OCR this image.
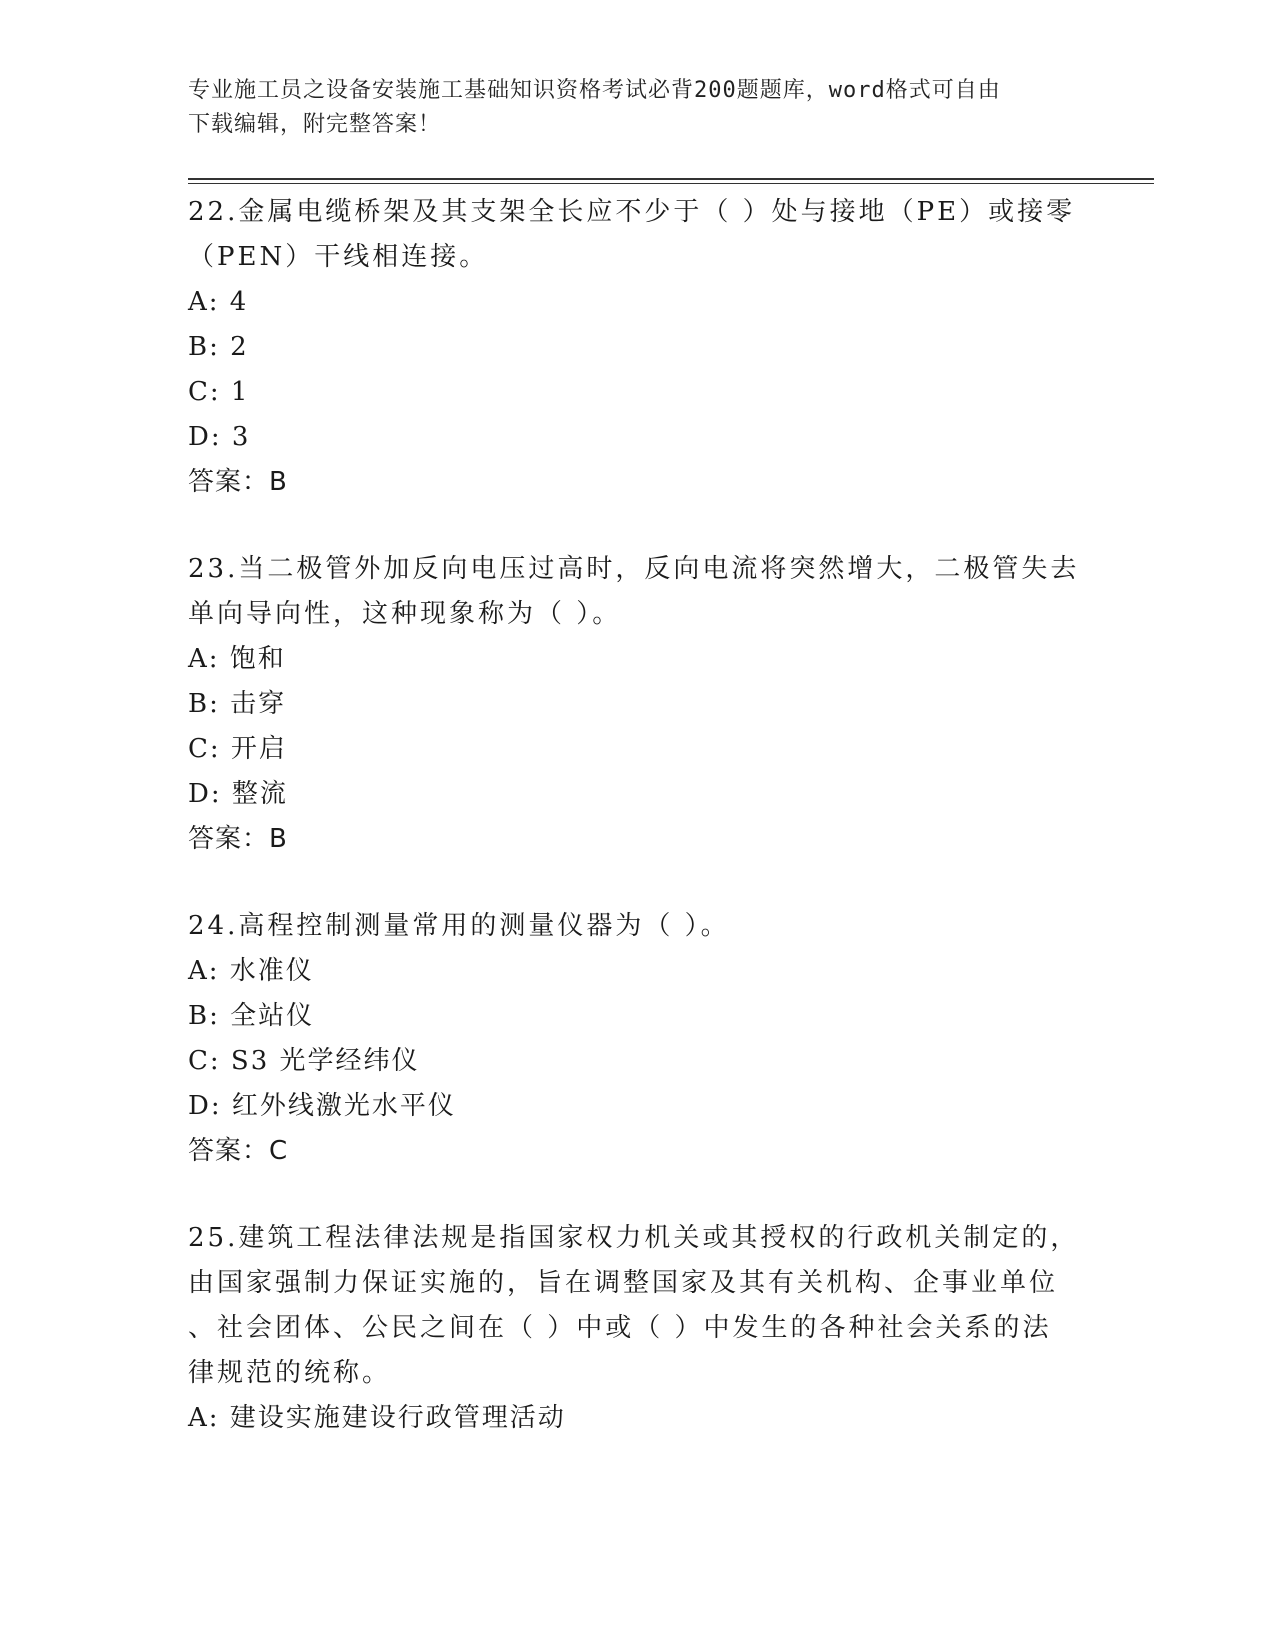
专业施工员之设备安装施工基础知识资格考试必背200题题库，word格式可自由
下载编辑，附完整答案！

22.金属电缆桥架及其支架全长应不少于（ ）处与接地（PE）或接零

（PEN）干线相连接。

A: 4

B: 2

C: 1

D: 3

答案：B

23.当二极管外加反向电压过高时，反向电流将突然增大，二极管失去

单向导向性，这种现象称为（ ）。

A: 饱和

B: 击穿

C: 开启

D: 整流

答案：B

24.高程控制测量常用的测量仪器为（ ）。

A: 水准仪

B: 全站仪

C: S3 光学经纬仪

D: 红外线激光水平仪

答案：C

25.建筑工程法律法规是指国家权力机关或其授权的行政机关制定的，

由国家强制力保证实施的，旨在调整国家及其有关机构、企事业单位

、社会团体、公民之间在（ ）中或（ ）中发生的各种社会关系的法

律规范的统称。

A: 建设实施建设行政管理活动
